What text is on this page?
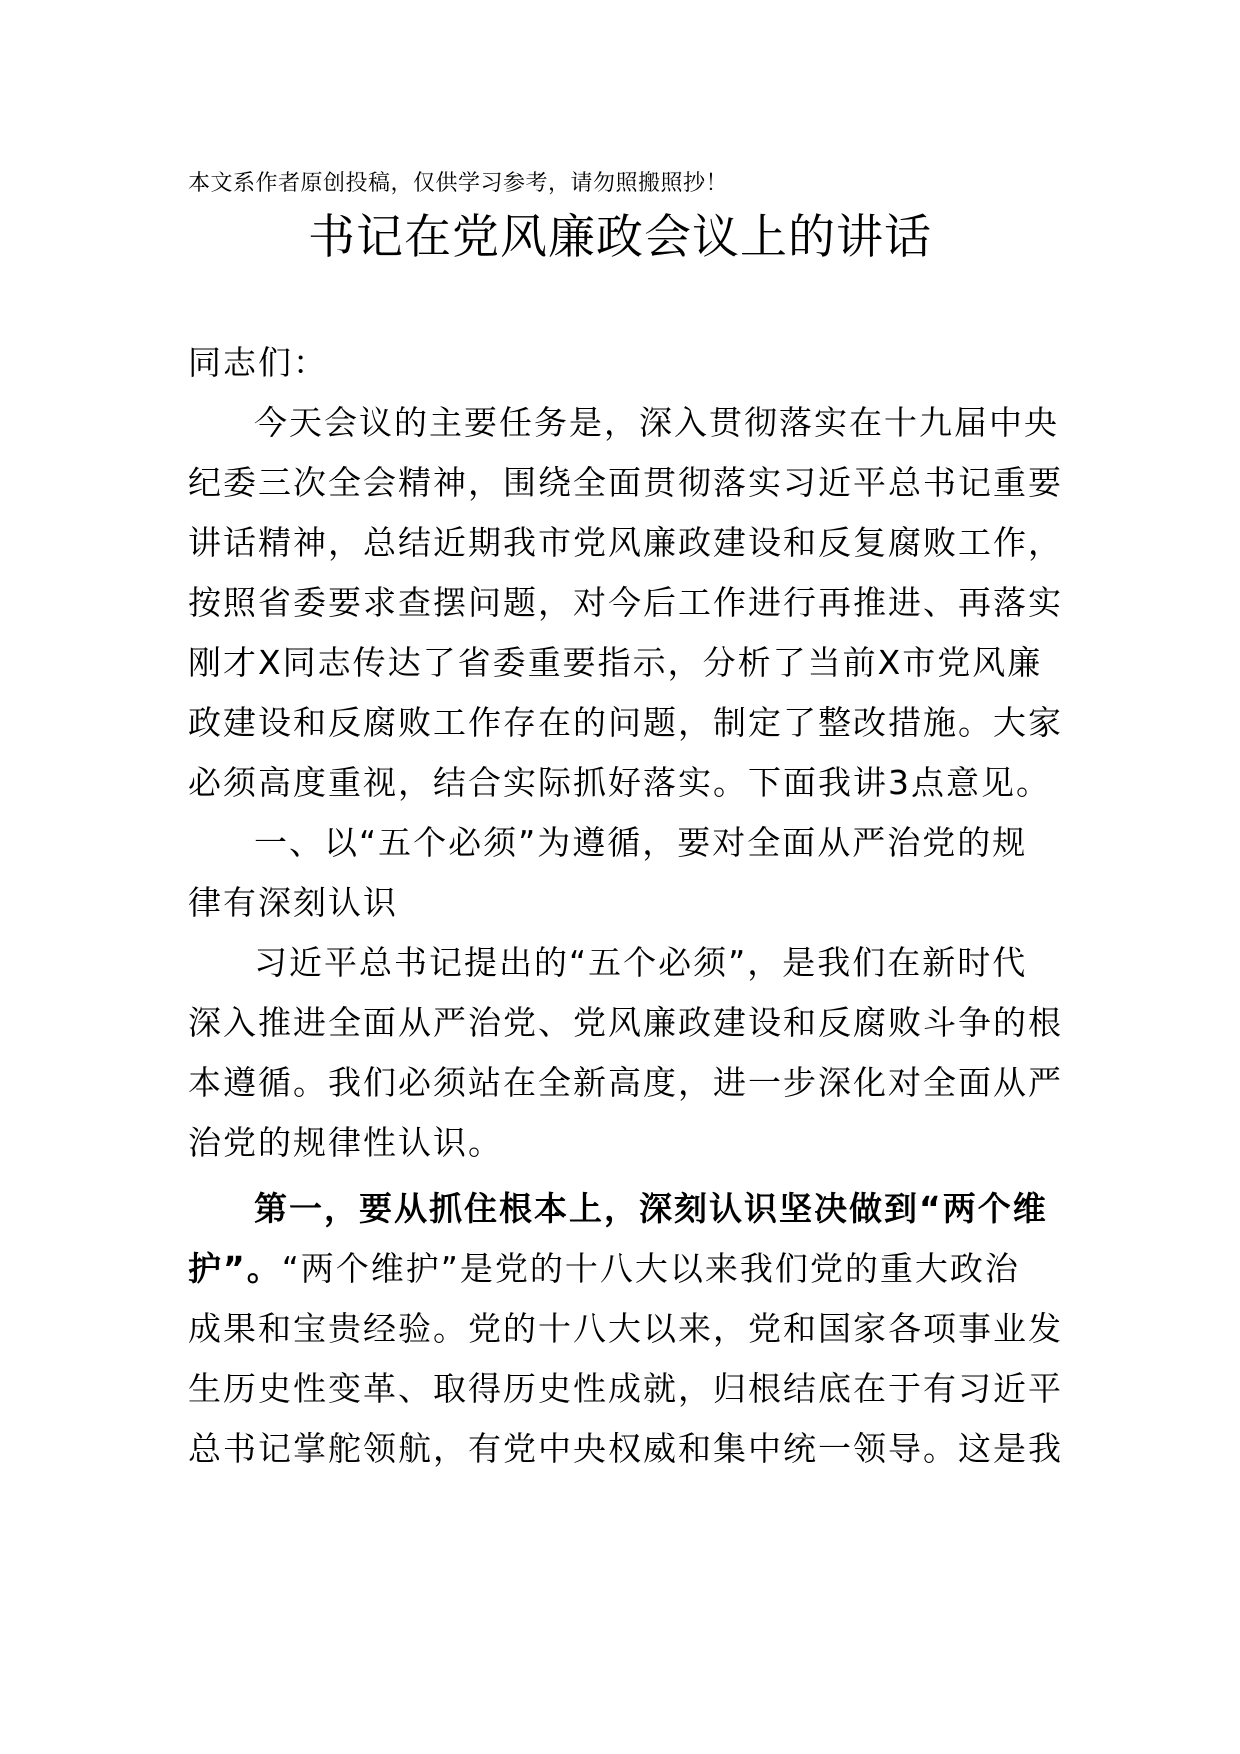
本文系作者原创投稿，仅供学习参考，请勿照搬照抄！
书记在党风廉政会议上的讲话
同志们：
今天会议的主要任务是，深入贯彻落实在十九届中央
纪委三次全会精神，围绕全面贯彻落实习近平总书记重要
讲话精神，总结近期我市党风廉政建设和反复腐败工作，
按照省委要求查摆问题，对今后工作进行再推进、再落实
刚才X同志传达了省委重要指示，分析了当前X市党风廉
政建设和反腐败工作存在的问题，制定了整改措施。大家
必须高度重视，结合实际抓好落实。下面我讲3点意见。
一、以“五个必须”为遵循，要对全面从严治党的规
律有深刻认识
习近平总书记提出的“五个必须”，是我们在新时代
深入推进全面从严治党、党风廉政建设和反腐败斗争的根
本遵循。我们必须站在全新高度，进一步深化对全面从严
治党的规律性认识。
第一，要从抓住根本上，深刻认识坚决做到“两个维
护”。“两个维护”是党的十八大以来我们党的重大政治
成果和宝贵经验。党的十八大以来，党和国家各项事业发
生历史性变革、取得历史性成就，归根结底在于有习近平
总书记掌舵领航，有党中央权威和集中统一领导。这是我
